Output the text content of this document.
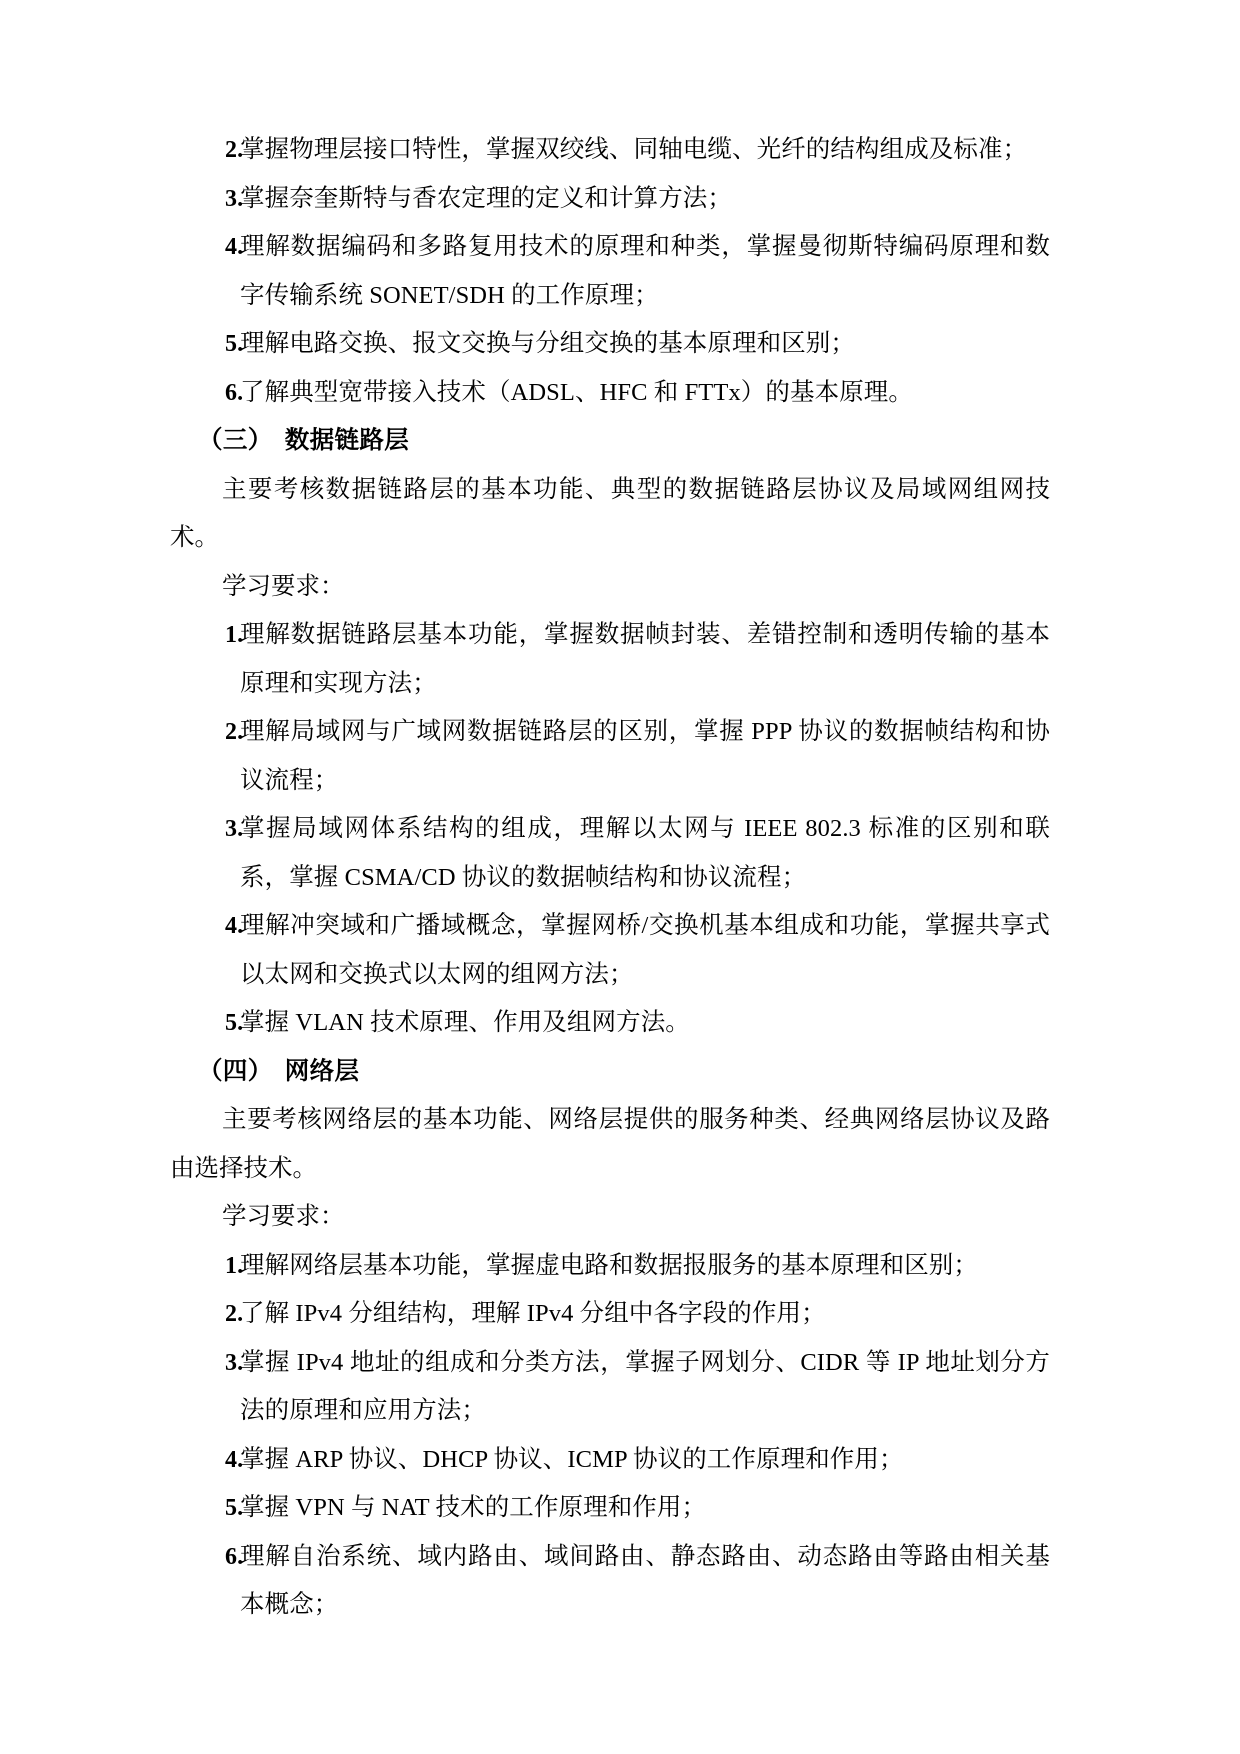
2.
掌握物理层接口特性，掌握双绞线、同轴电缆、光纤的结构组成及标准；

3.
掌握奈奎斯特与香农定理的定义和计算方法；

4.
理解数据编码和多路复用技术的原理和种类，掌握曼彻斯特编码原理和数字传输系统 SONET/SDH 的工作原理；

5.
理解电路交换、报文交换与分组交换的基本原理和区别；

6.
了解典型宽带接入技术（ADSL、HFC 和 FTTx）的基本原理。

（三） 数据链路层

主要考核数据链路层的基本功能、典型的数据链路层协议及局域网组网技术。

学习要求：

1.
理解数据链路层基本功能，掌握数据帧封装、差错控制和透明传输的基本原理和实现方法；

2.
理解局域网与广域网数据链路层的区别，掌握 PPP 协议的数据帧结构和协议流程；

3.
掌握局域网体系结构的组成，理解以太网与 IEEE 802.3 标准的区别和联系，掌握 CSMA/CD 协议的数据帧结构和协议流程；

4.
理解冲突域和广播域概念，掌握网桥/交换机基本组成和功能，掌握共享式以太网和交换式以太网的组网方法；

5.
掌握 VLAN 技术原理、作用及组网方法。

（四） 网络层

主要考核网络层的基本功能、网络层提供的服务种类、经典网络层协议及路由选择技术。

学习要求：

1.
理解网络层基本功能，掌握虚电路和数据报服务的基本原理和区别；

2.
了解 IPv4 分组结构，理解 IPv4 分组中各字段的作用；

3.
掌握 IPv4 地址的组成和分类方法，掌握子网划分、CIDR 等 IP 地址划分方法的原理和应用方法；

4.
掌握 ARP 协议、DHCP 协议、ICMP 协议的工作原理和作用；

5.
掌握 VPN 与 NAT 技术的工作原理和作用；

6.
理解自治系统、域内路由、域间路由、静态路由、动态路由等路由相关基本概念；
